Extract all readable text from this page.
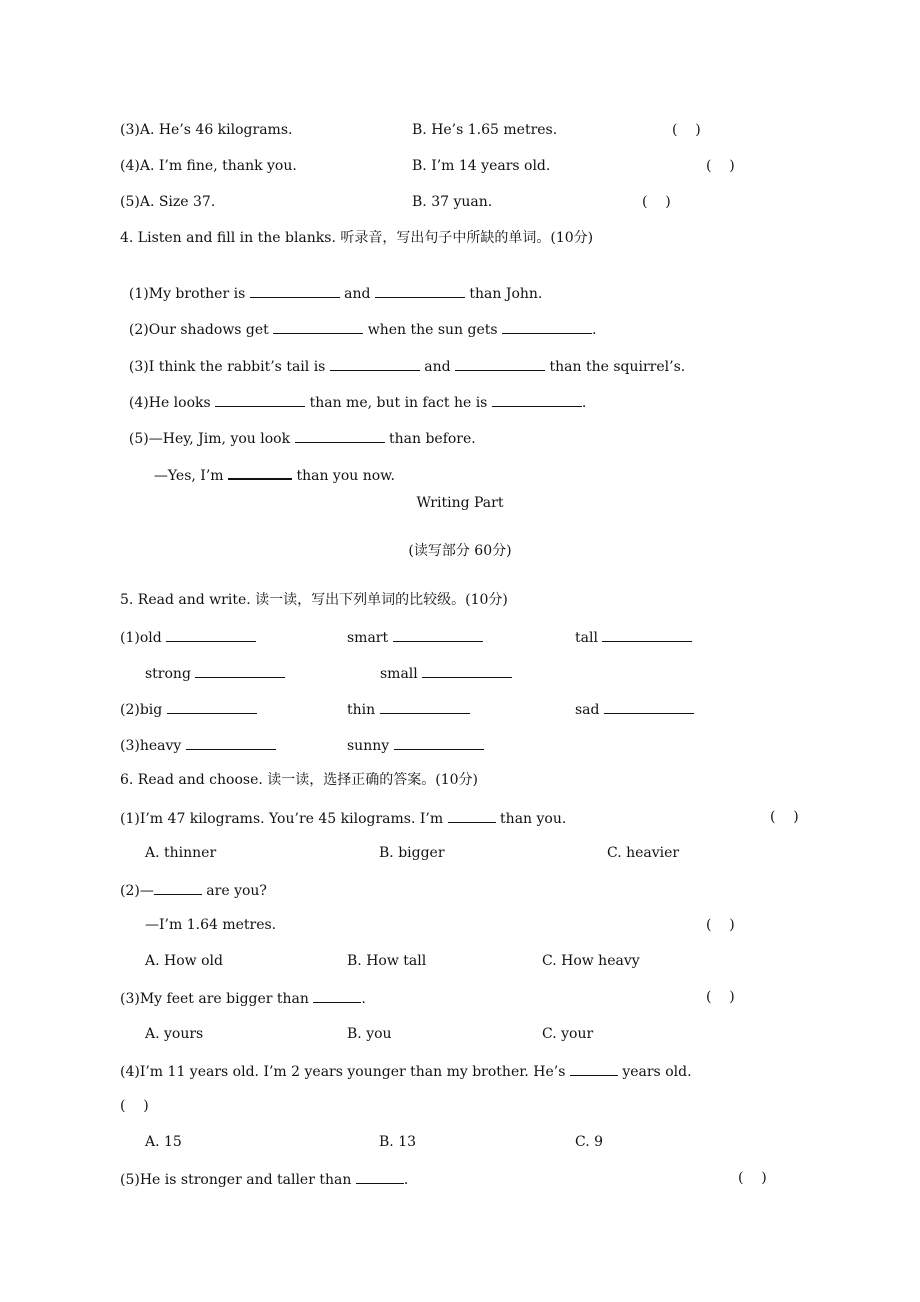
(3)A. He’s 46 kilograms.	B. He’s 1.65 metres.	(    )
(4)A. I’m fine, thank you.	B. I’m 14 years old.	(    )
(5)A. Size 37.	B. 37 yuan.	(    )
4. Listen and fill in the blanks. 听录音，写出句子中所缺的单词。(10分)

(1)My brother is	and	than John.

(2)Our shadows get	when the sun gets	.

(3)I think the rabbit’s tail is	and	than the squirrel’s.

(4)He looks	than me, but in fact he is	.

(5)—Hey, Jim, you look	than before.

—Yes, I’m	than you now.

Writing Part
(读写部分 60分)
5. Read and write. 读一读，写出下列单词的比较级。(10分)
(1)old	smart	tall
strong	small
(2)big	thin	sad
(3)heavy	sunny
6. Read and choose. 读一读，选择正确的答案。(10分)
(1)I’m 47 kilograms. You’re 45 kilograms. I’m	than you.	(    )
A. thinner	B. bigger	C. heavier
(2)—	are you?
—I’m 1.64 metres.	(    )
A. How old	B. How tall	C. How heavy
(3)My feet are bigger than	.	(    )
A. yours	B. you	C. your
(4)I’m 11 years old. I’m 2 years younger than my brother. He’s	years old.
(    )
A. 15	B. 13	C. 9
(5)He is stronger and taller than	.	(    )
